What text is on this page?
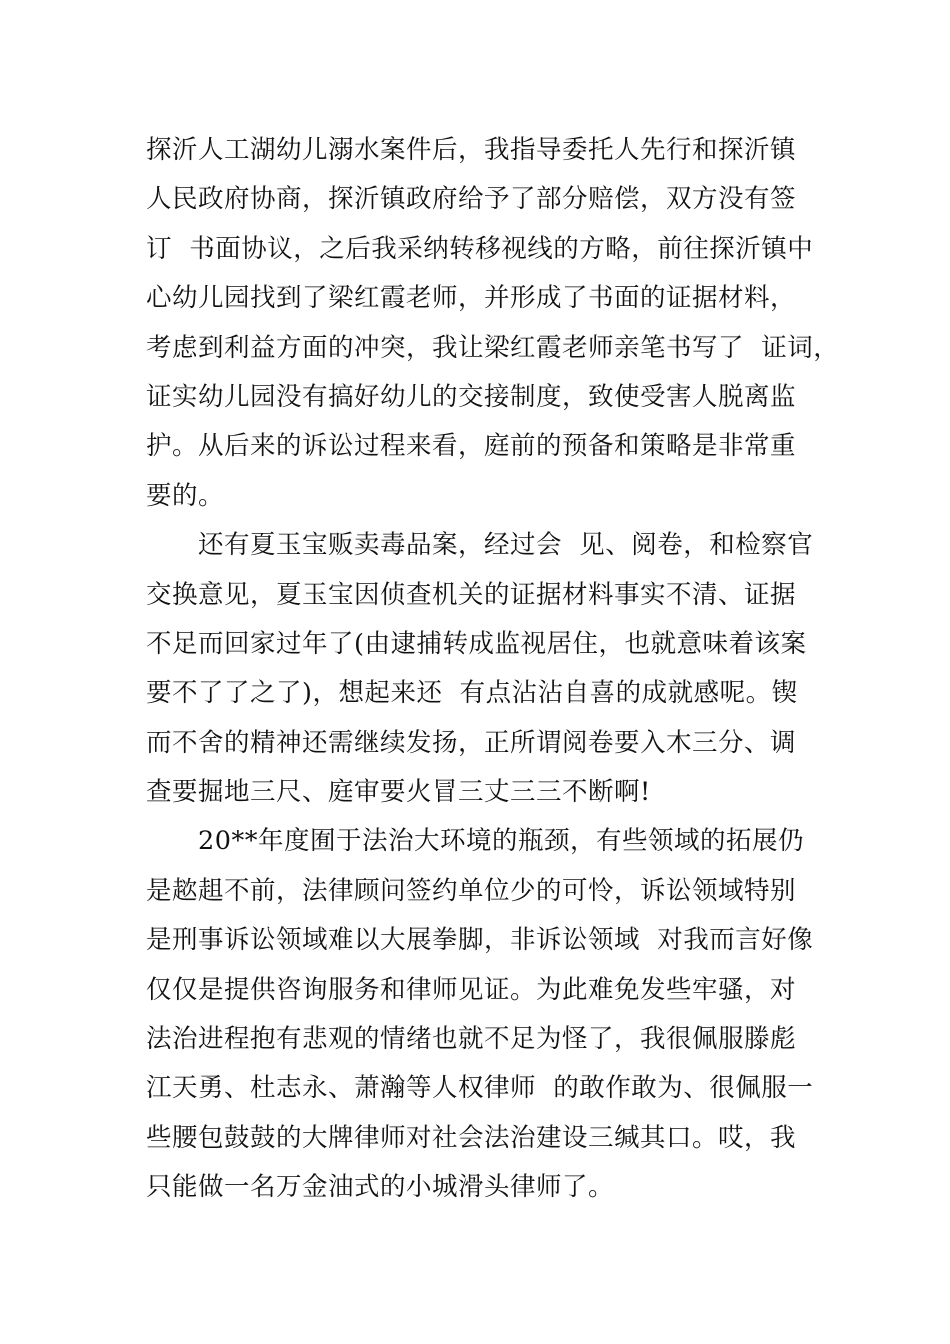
探沂人工湖幼儿溺水案件后，我指导委托人先行和探沂镇
人民政府协商，探沂镇政府给予了部分赔偿，双方没有签
订  书面协议，之后我采纳转移视线的方略，前往探沂镇中
心幼儿园找到了梁红霞老师，并形成了书面的证据材料，
考虑到利益方面的冲突，我让梁红霞老师亲笔书写了  证词，
证实幼儿园没有搞好幼儿的交接制度，致使受害人脱离监
护。从后来的诉讼过程来看，庭前的预备和策略是非常重
要的。
还有夏玉宝贩卖毒品案，经过会  见、阅卷，和检察官
交换意见，夏玉宝因侦查机关的证据材料事实不清、证据
不足而回家过年了(由逮捕转成监视居住，也就意味着该案
要不了了之了)，想起来还  有点沾沾自喜的成就感呢。锲
而不舍的精神还需继续发扬，正所谓阅卷要入木三分、调
查要掘地三尺、庭审要火冒三丈三三不断啊!
20**年度囿于法治大环境的瓶颈，有些领域的拓展仍
是趑趄不前，法律顾问签约单位少的可怜，诉讼领域特别
是刑事诉讼领域难以大展拳脚，非诉讼领域  对我而言好像
仅仅是提供咨询服务和律师见证。为此难免发些牢骚，对
法治进程抱有悲观的情绪也就不足为怪了，我很佩服滕彪
江天勇、杜志永、萧瀚等人权律师  的敢作敢为、很佩服一
些腰包鼓鼓的大牌律师对社会法治建设三缄其口。哎，我
只能做一名万金油式的小城滑头律师了。
